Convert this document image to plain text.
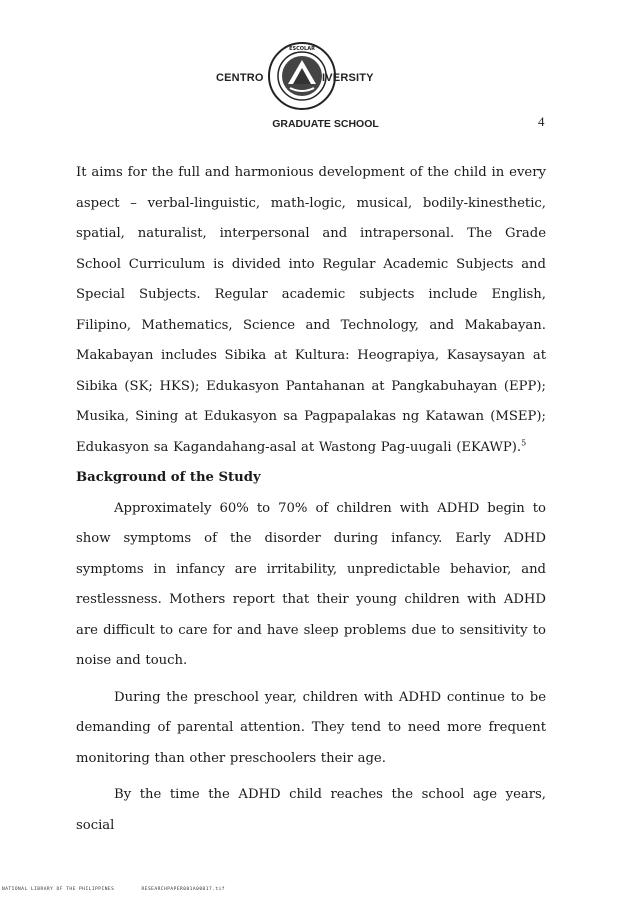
CENTRO
ESCOLAR
IVERSITY
GRADUATE SCHOOL	4

It aims for the full and harmonious development of the child in every aspect – verbal-linguistic, math-logic, musical, bodily-kinesthetic, spatial, naturalist, interpersonal and intrapersonal. The Grade School Curriculum is divided into Regular Academic Subjects and Special Subjects. Regular academic subjects include English, Filipino, Mathematics, Science and Technology, and Makabayan. Makabayan includes Sibika at Kultura: Heograpiya, Kasaysayan at Sibika (SK; HKS); Edukasyon Pantahanan at Pangkabuhayan (EPP); Musika, Sining at Edukasyon sa Pagpapalakas ng Katawan (MSEP); Edukasyon sa Kagandahang-asal at Wastong Pag-uugali (EKAWP).$^5$

Background of the Study

Approximately 60% to 70% of children with ADHD begin to show symptoms of the disorder during infancy. Early ADHD symptoms in infancy are irritability, unpredictable behavior, and restlessness. Mothers report that their young children with ADHD are difficult to care for and have sleep problems due to sensitivity to noise and touch.

During the preschool year, children with ADHD continue to be demanding of parental attention. They tend to need more frequent monitoring than other preschoolers their age.

By the time the ADHD child reaches the school age years, social

NATIONAL LIBRARY OF THE PHILIPPINES	RESEARCHPAPER001A00017.tif
